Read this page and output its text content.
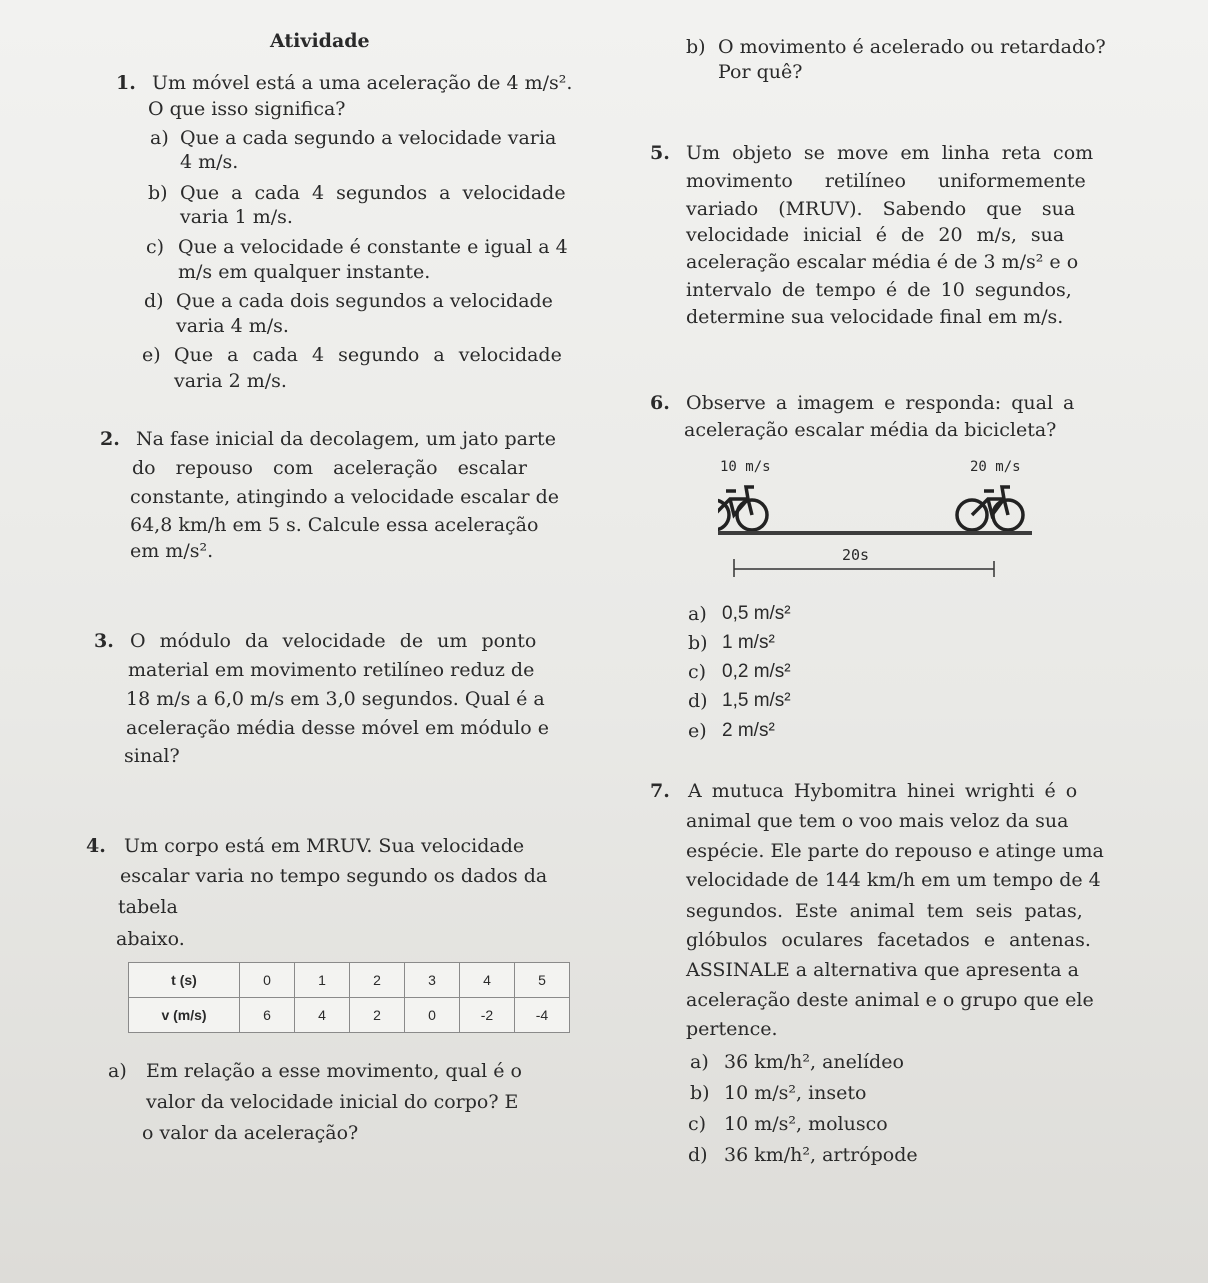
Atividade
1. Um móvel está a uma aceleração de 4 m/s².
O que isso significa?
a) Que a cada segundo a velocidade varia
4 m/s.
b) Que a cada 4 segundos a velocidade
varia 1 m/s.
c) Que a velocidade é constante e igual a 4
m/s em qualquer instante.
d) Que a cada dois segundos a velocidade
varia 4 m/s.
e) Que a cada 4 segundo a velocidade
varia 2 m/s.
2. Na fase inicial da decolagem, um jato parte
do repouso com aceleração escalar
constante, atingindo a velocidade escalar de
64,8 km/h em 5 s. Calcule essa aceleração
em m/s².
3. O módulo da velocidade de um ponto
material em movimento retilíneo reduz de
18 m/s a 6,0 m/s em 3,0 segundos. Qual é a
aceleração média desse móvel em módulo e
sinal?
4. Um corpo está em MRUV. Sua velocidade
escalar varia no tempo segundo os dados da
tabela
abaixo.
t (s)	0	1	2	3	4	5
v (m/s)	6	4	2	0	-2	-4
a) Em relação a esse movimento, qual é o
valor da velocidade inicial do corpo? E
o valor da aceleração?
b) O movimento é acelerado ou retardado?
Por quê?
5. Um objeto se move em linha reta com
movimento retilíneo uniformemente
variado (MRUV). Sabendo que sua
velocidade inicial é de 20 m/s, sua
aceleração escalar média é de 3 m/s² e o
intervalo de tempo é de 10 segundos,
determine sua velocidade final em m/s.
6. Observe a imagem e responda: qual a
aceleração escalar média da bicicleta?
10 m/s	20 m/s
20s
a) 0,5 m/s²
b) 1 m/s²
c) 0,2 m/s²
d) 1,5 m/s²
e) 2 m/s²
7. A mutuca Hybomitra hinei wrighti é o
animal que tem o voo mais veloz da sua
espécie. Ele parte do repouso e atinge uma
velocidade de 144 km/h em um tempo de 4
segundos. Este animal tem seis patas,
glóbulos oculares facetados e antenas.
ASSINALE a alternativa que apresenta a
aceleração deste animal e o grupo que ele
pertence.
a) 36 km/h², anelídeo
b) 10 m/s², inseto
c) 10 m/s², molusco
d) 36 km/h², artrópode
